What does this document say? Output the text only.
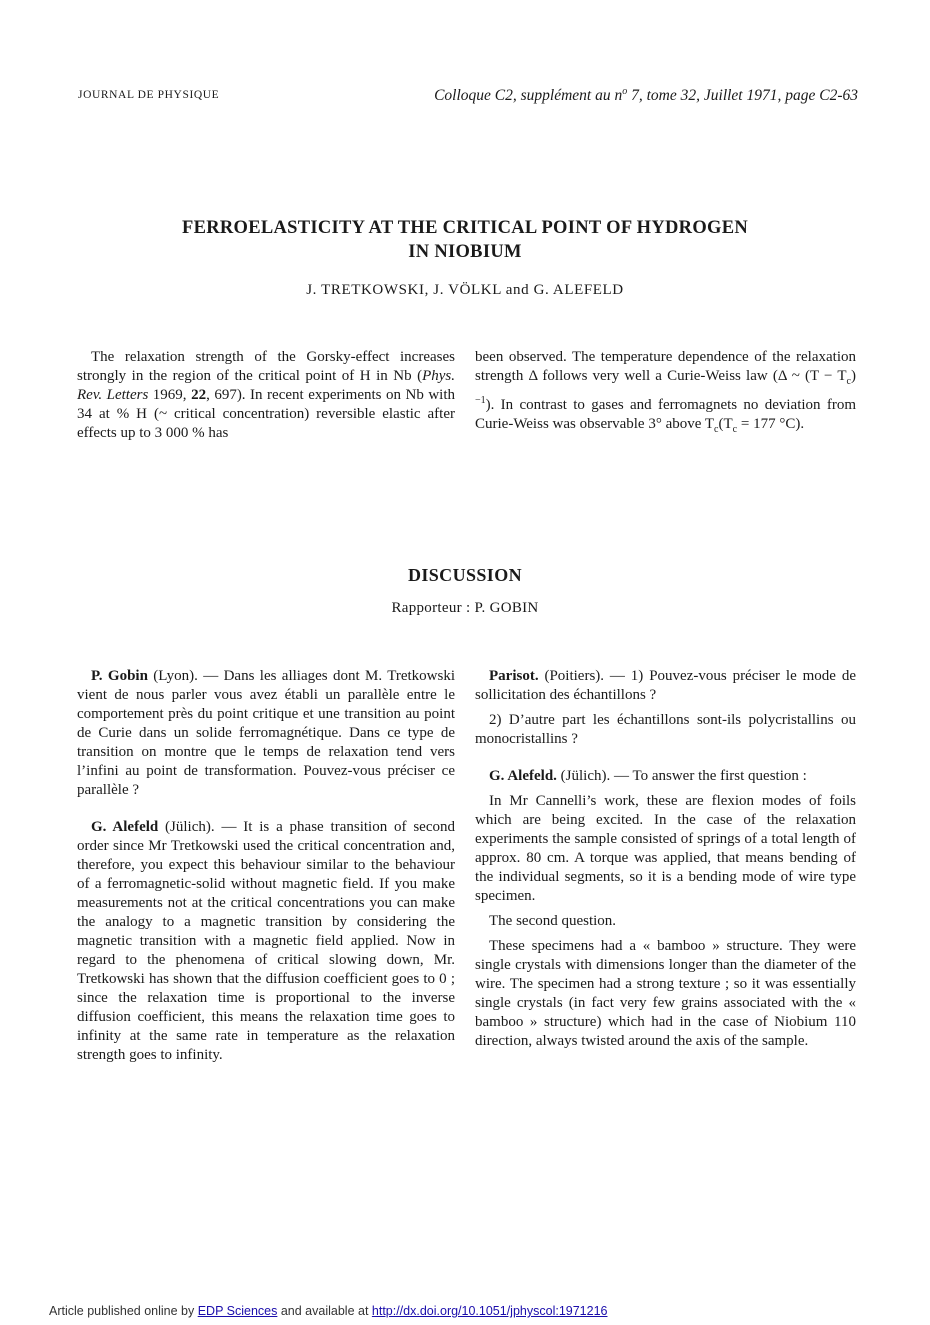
JOURNAL DE PHYSIQUE	Colloque C2, supplément au $n^o$ 7, tome 32, Juillet 1971, page C2-63
FERROELASTICITY AT THE CRITICAL POINT OF HYDROGEN
IN NIOBIUM
J. TRETKOWSKI, J. VÖLKL and G. ALEFELD

The relaxation strength of the Gorsky-effect increases strongly in the region of the critical point of H in Nb (Phys. Rev. Letters 1969, 22, 697). In recent experiments on Nb with 34 at % H (~ critical concentration) reversible elastic after effects up to 3 000 % has

been observed. The temperature dependence of the relaxation strength Δ follows very well a Curie-Weiss law (Δ ~ $(T - T_c)^{-1}$). In contrast to gases and ferromagnets no deviation from Curie-Weiss was observable 3° above $T_c(T_c = 177$ °C).

DISCUSSION
Rapporteur : P. GOBIN

P. Gobin (Lyon). — Dans les alliages dont M. Tretkowski vient de nous parler vous avez établi un parallèle entre le comportement près du point critique et une transition au point de Curie dans un solide ferromagnétique. Dans ce type de transition on montre que le temps de relaxation tend vers l’infini au point de transformation. Pouvez-vous préciser ce parallèle ?

G. Alefeld (Jülich). — It is a phase transition of second order since Mr Tretkowski used the critical concentration and, therefore, you expect this behaviour similar to the behaviour of a ferromagnetic-solid without magnetic field. If you make measurements not at the critical concentrations you can make the analogy to a magnetic transition by considering the magnetic transition with a magnetic field applied. Now in regard to the phenomena of critical slowing down, Mr. Tretkowski has shown that the diffusion coefficient goes to 0 ; since the relaxation time is proportional to the inverse diffusion coefficient, this means the relaxation time goes to infinity at the same rate in temperature as the relaxation strength goes to infinity.

Parisot. (Poitiers). — 1) Pouvez-vous préciser le mode de sollicitation des échantillons ?

2) D’autre part les échantillons sont-ils polycristallins ou monocristallins ?

G. Alefeld. (Jülich). — To answer the first question :

In Mr Cannelli’s work, these are flexion modes of foils which are being excited. In the case of the relaxation experiments the sample consisted of springs of a total length of approx. 80 cm. A torque was applied, that means bending of the individual segments, so it is a bending mode of wire type specimen.

The second question.

These specimens had a « bamboo » structure. They were single crystals with dimensions longer than the diameter of the wire. The specimen had a strong texture ; so it was essentially single crystals (in fact very few grains associated with the « bamboo » structure) which had in the case of Niobium 110 direction, always twisted around the axis of the sample.

Article published online by EDP Sciences and available at http://dx.doi.org/10.1051/jphyscol:1971216
